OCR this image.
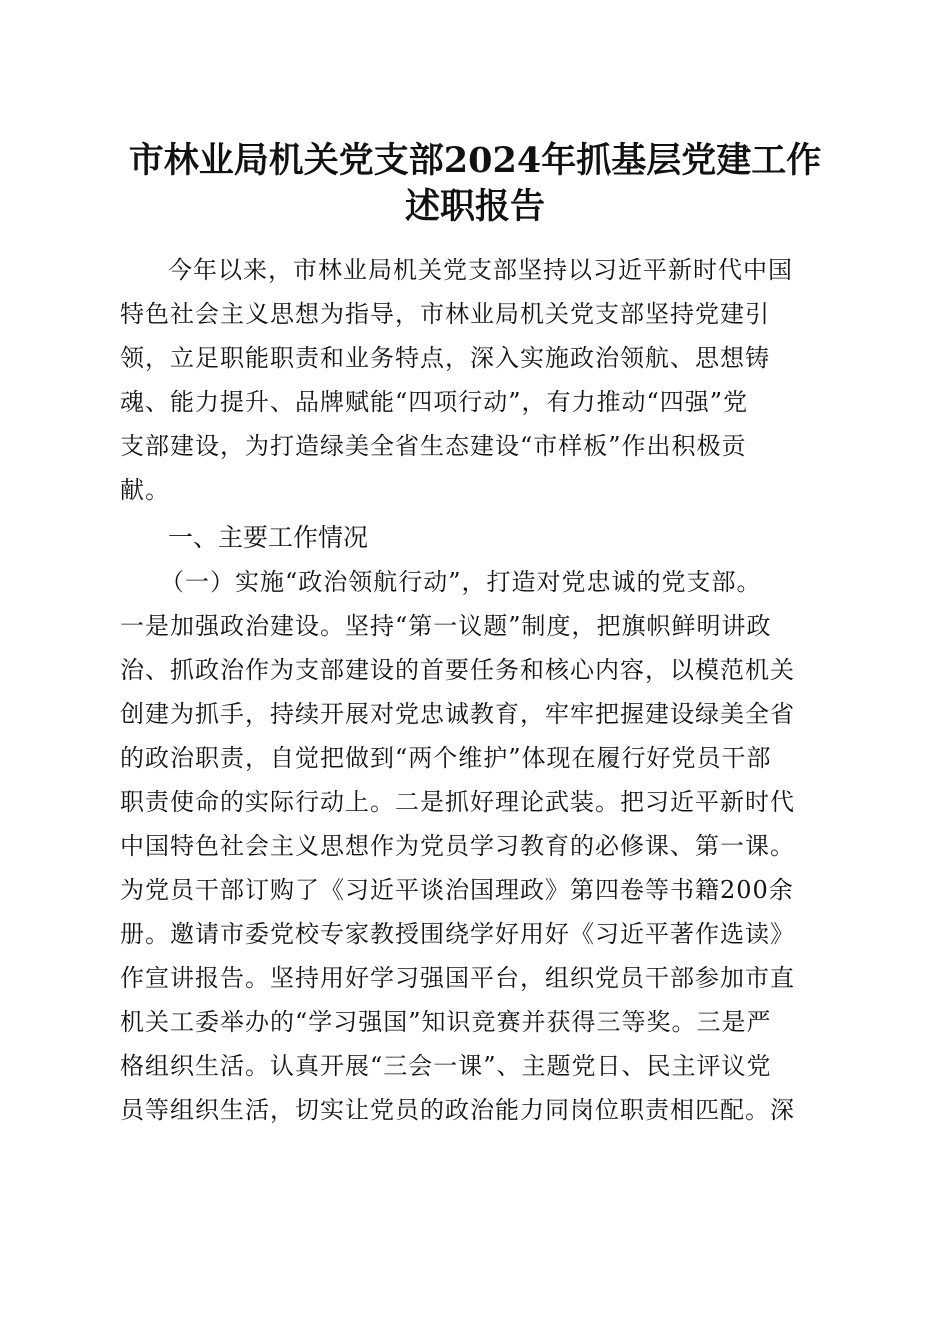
市林业局机关党支部2024年抓基层党建工作
述职报告
今年以来，市林业局机关党支部坚持以习近平新时代中国
特色社会主义思想为指导，市林业局机关党支部坚持党建引
领，立足职能职责和业务特点，深入实施政治领航、思想铸
魂、能力提升、品牌赋能“四项行动”，有力推动“四强”党
支部建设，为打造绿美全省生态建设“市样板”作出积极贡
献。
一、主要工作情况
（一）实施“政治领航行动”，打造对党忠诚的党支部。
一是加强政治建设。坚持“第一议题”制度，把旗帜鲜明讲政
治、抓政治作为支部建设的首要任务和核心内容，以模范机关
创建为抓手，持续开展对党忠诚教育，牢牢把握建设绿美全省
的政治职责，自觉把做到“两个维护”体现在履行好党员干部
职责使命的实际行动上。二是抓好理论武装。把习近平新时代
中国特色社会主义思想作为党员学习教育的必修课、第一课。
为党员干部订购了《习近平谈治国理政》第四卷等书籍200余
册。邀请市委党校专家教授围绕学好用好《习近平著作选读》
作宣讲报告。坚持用好学习强国平台，组织党员干部参加市直
机关工委举办的“学习强国”知识竞赛并获得三等奖。三是严
格组织生活。认真开展“三会一课”、主题党日、民主评议党
员等组织生活，切实让党员的政治能力同岗位职责相匹配。深
